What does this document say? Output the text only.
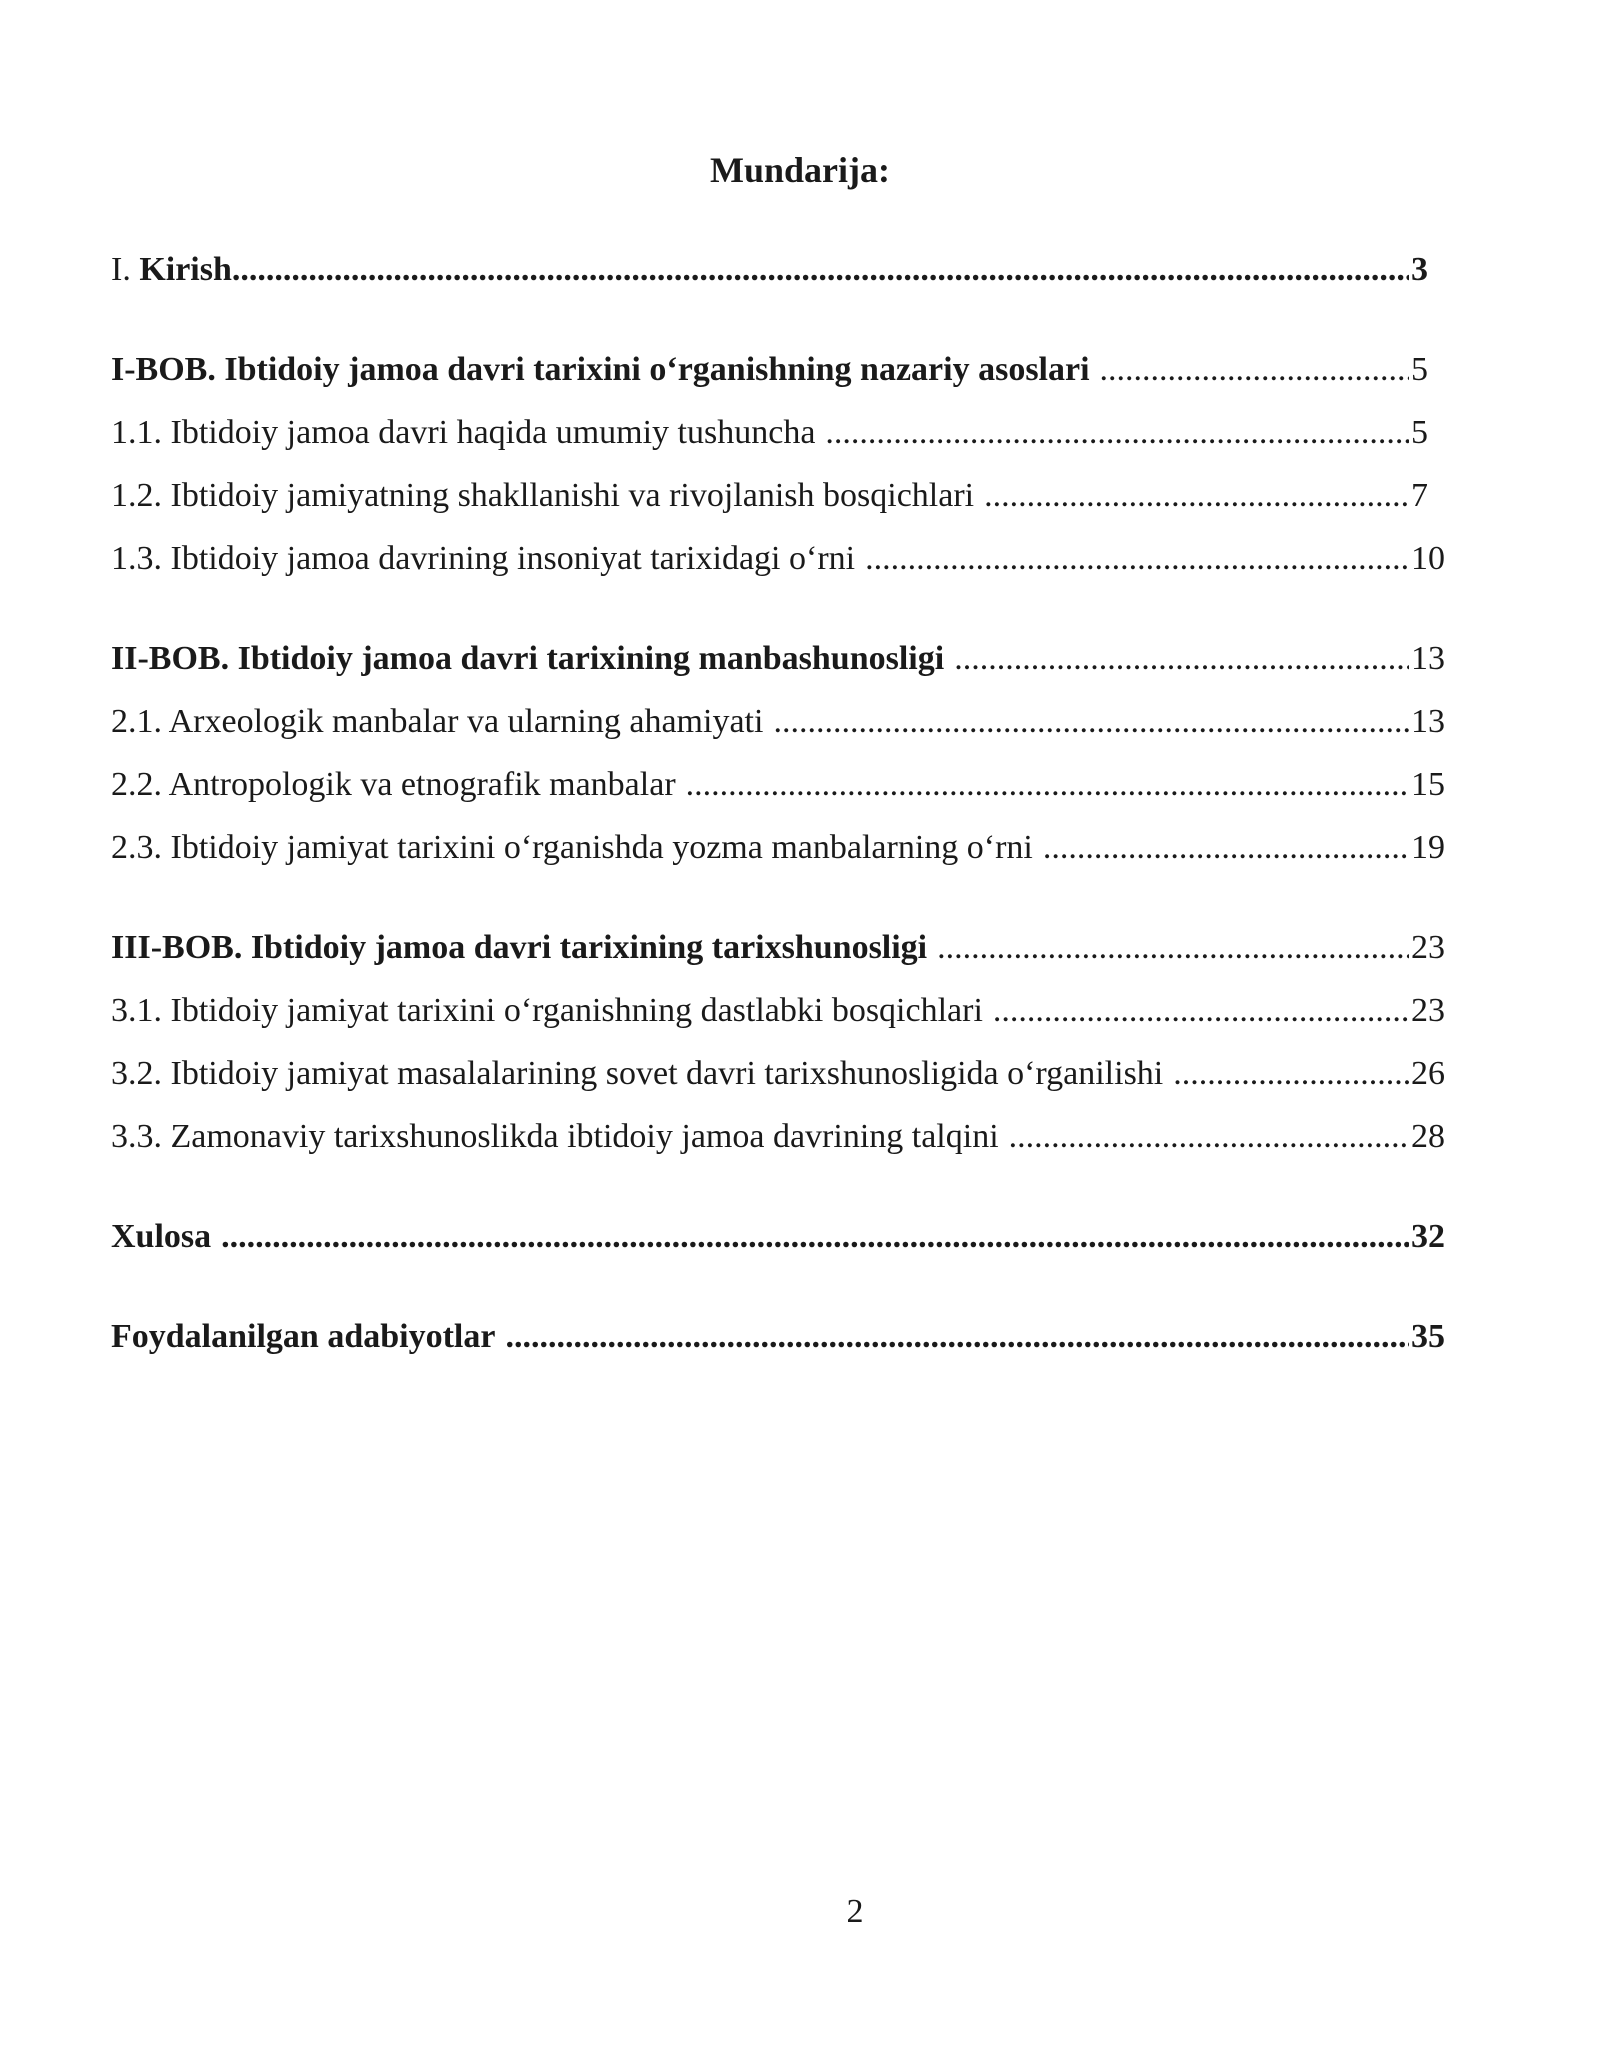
Mundarija:
I. Kirish .....	3
I-BOB. Ibtidoiy jamoa davri tarixini o‘rganishning nazariy asoslari .....	5
1.1. Ibtidoiy jamoa davri haqida umumiy tushuncha .....	5
1.2. Ibtidoiy jamiyatning shakllanishi va rivojlanish bosqichlari .....	7
1.3. Ibtidoiy jamoa davrining insoniyat tarixidagi o‘rni .....	10
II-BOB. Ibtidoiy jamoa davri tarixining manbashunosligi .....	13
2.1. Arxeologik manbalar va ularning ahamiyati .....	13
2.2. Antropologik va etnografik manbalar .....	15
2.3. Ibtidoiy jamiyat tarixini o‘rganishda yozma manbalarning o‘rni .....	19
III-BOB. Ibtidoiy jamoa davri tarixining tarixshunosligi .....	23
3.1. Ibtidoiy jamiyat tarixini o‘rganishning dastlabki bosqichlari .....	23
3.2. Ibtidoiy jamiyat masalalarining sovet davri tarixshunosligida o‘rganilishi .....	26
3.3. Zamonaviy tarixshunoslikda ibtidoiy jamoa davrining talqini .....	28
Xulosa .....	32
Foydalanilgan adabiyotlar .....	35
2
